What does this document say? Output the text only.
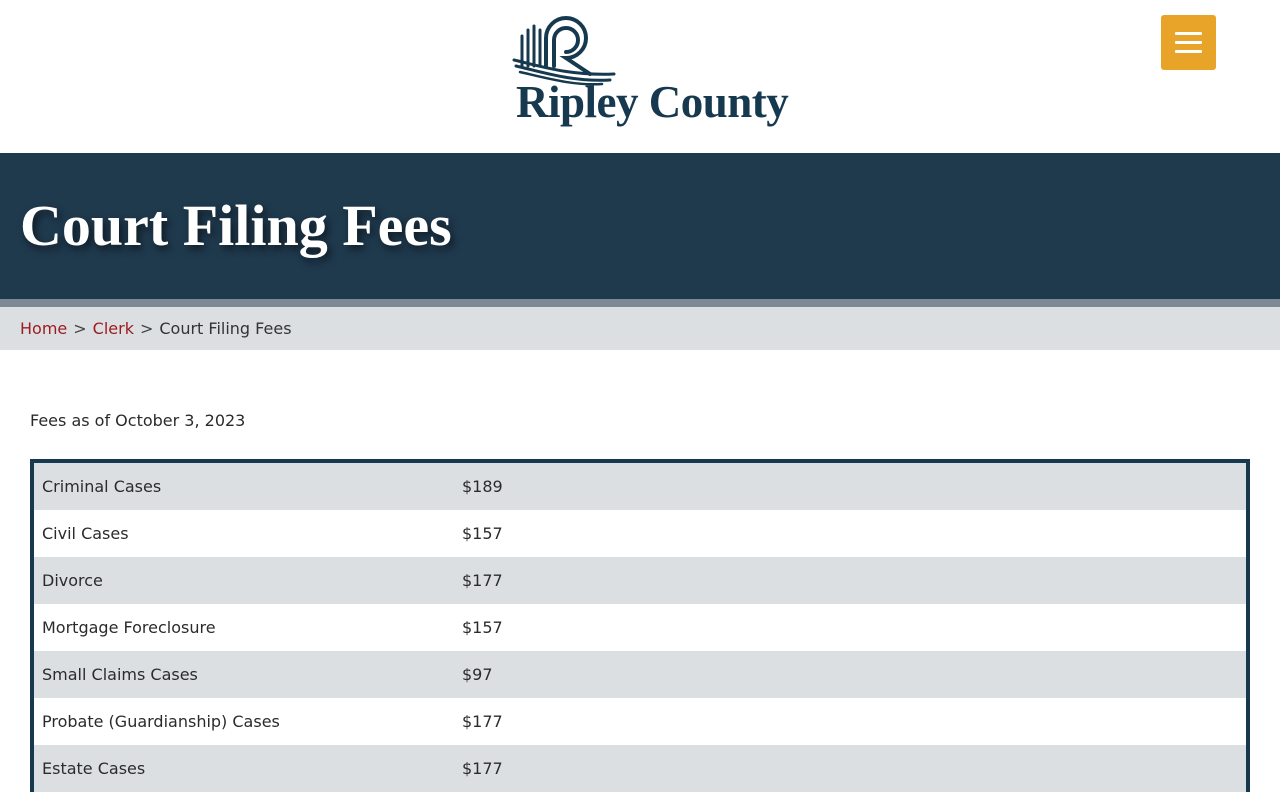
Ripley County
Court Filing Fees
Home > Clerk > Court Filing Fees

Fees as of October 3, 2023

Criminal Cases	$189
Civil Cases	$157
Divorce	$177
Mortgage Foreclosure	$157
Small Claims Cases	$97
Probate (Guardianship) Cases	$177
Estate Cases	$177
